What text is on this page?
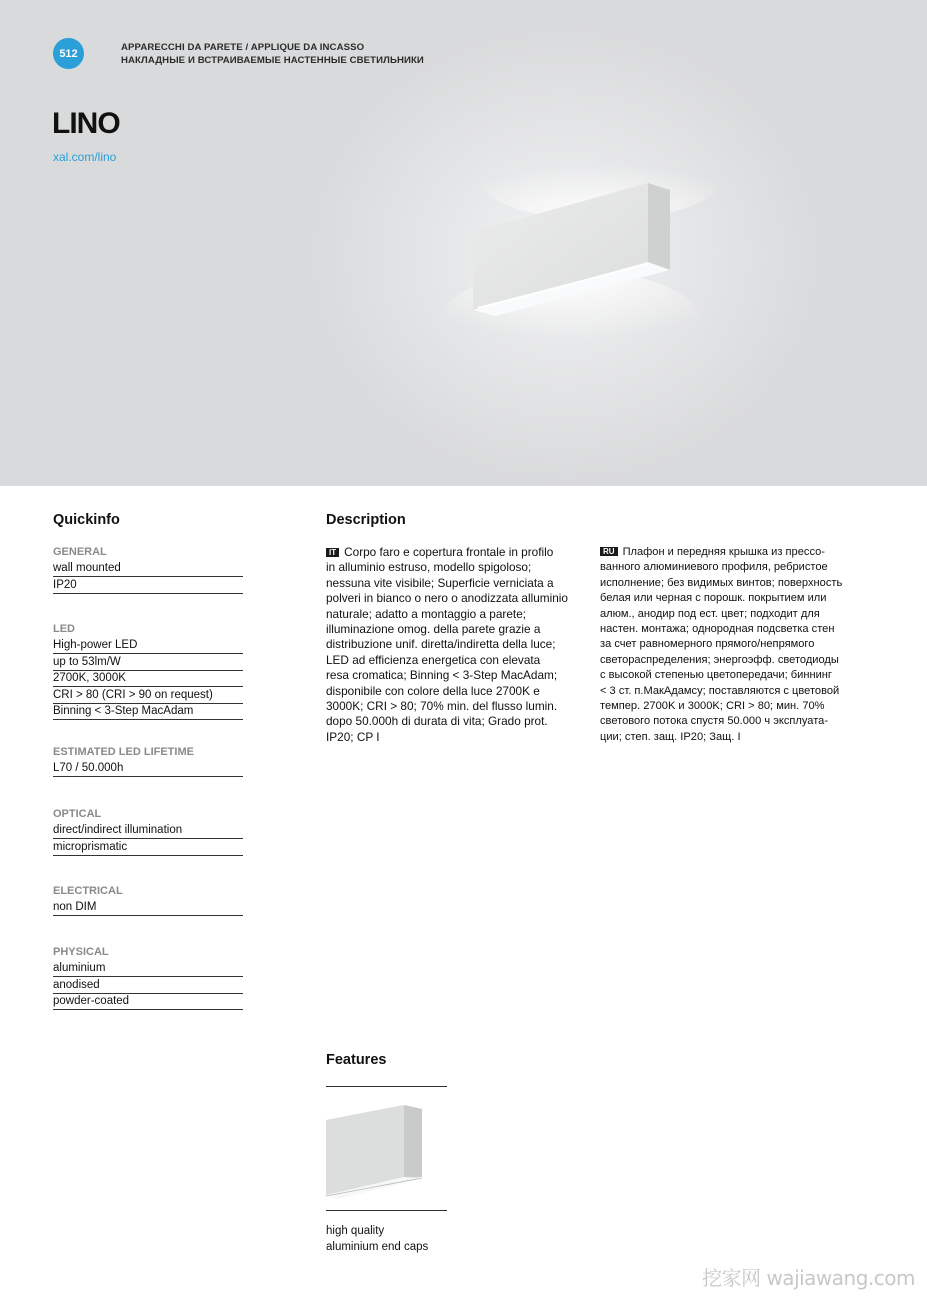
512	APPARECCHI DA PARETE / APPLIQUE DA INCASSO
НАКЛАДНЫЕ И ВСТРАИВАЕМЫЕ НАСТЕННЫЕ СВЕТИЛЬНИКИ
LINO
xal.com/lino
Quickinfo
GENERAL
wall mounted
IP20
LED
High-power LED
up to 53lm/W
2700K, 3000K
CRI > 80 (CRI > 90 on request)
Binning < 3-Step MacAdam
ESTIMATED LED LIFETIME
L70 / 50.000h
OPTICAL
direct/indirect illumination
microprismatic
ELECTRICAL
non DIM
PHYSICAL
aluminium
anodised
powder-coated
Description
IT Corpo faro e copertura frontale in profilo
in alluminio estruso, modello spigoloso;
nessuna vite visibile; Superficie verniciata a
polveri in bianco o nero o anodizzata alluminio
naturale; adatto a montaggio a parete;
illuminazione omog. della parete grazie a
distribuzione unif. diretta/indiretta della luce;
LED ad efficienza energetica con elevata
resa cromatica; Binning < 3-Step MacAdam;
disponibile con colore della luce 2700K e
3000K; CRI > 80; 70% min. del flusso lumin.
dopo 50.000h di durata di vita; Grado prot.
IP20; CP I
RU Плафон и передняя крышка из прессо-
ванного алюминиевого профиля, ребристое
исполнение; без видимых винтов; поверхность
белая или черная с порошк. покрытием или
алюм., анодир под ест. цвет; подходит для
настен. монтажа; однородная подсветка стен
за счет равномерного прямого/непрямого
светораспределения; энергоэфф. светодиоды
с высокой степенью цветопередачи; биннинг
< 3 ст. п.МакАдамсу; поставляются с цветовой
темпер. 2700K и 3000K; CRI > 80; мин. 70%
светового потока спустя 50.000 ч эксплуата-
ции; степ. защ. IP20; Защ. I
Features
high quality
aluminium end caps
挖家网 wajiawang.com
